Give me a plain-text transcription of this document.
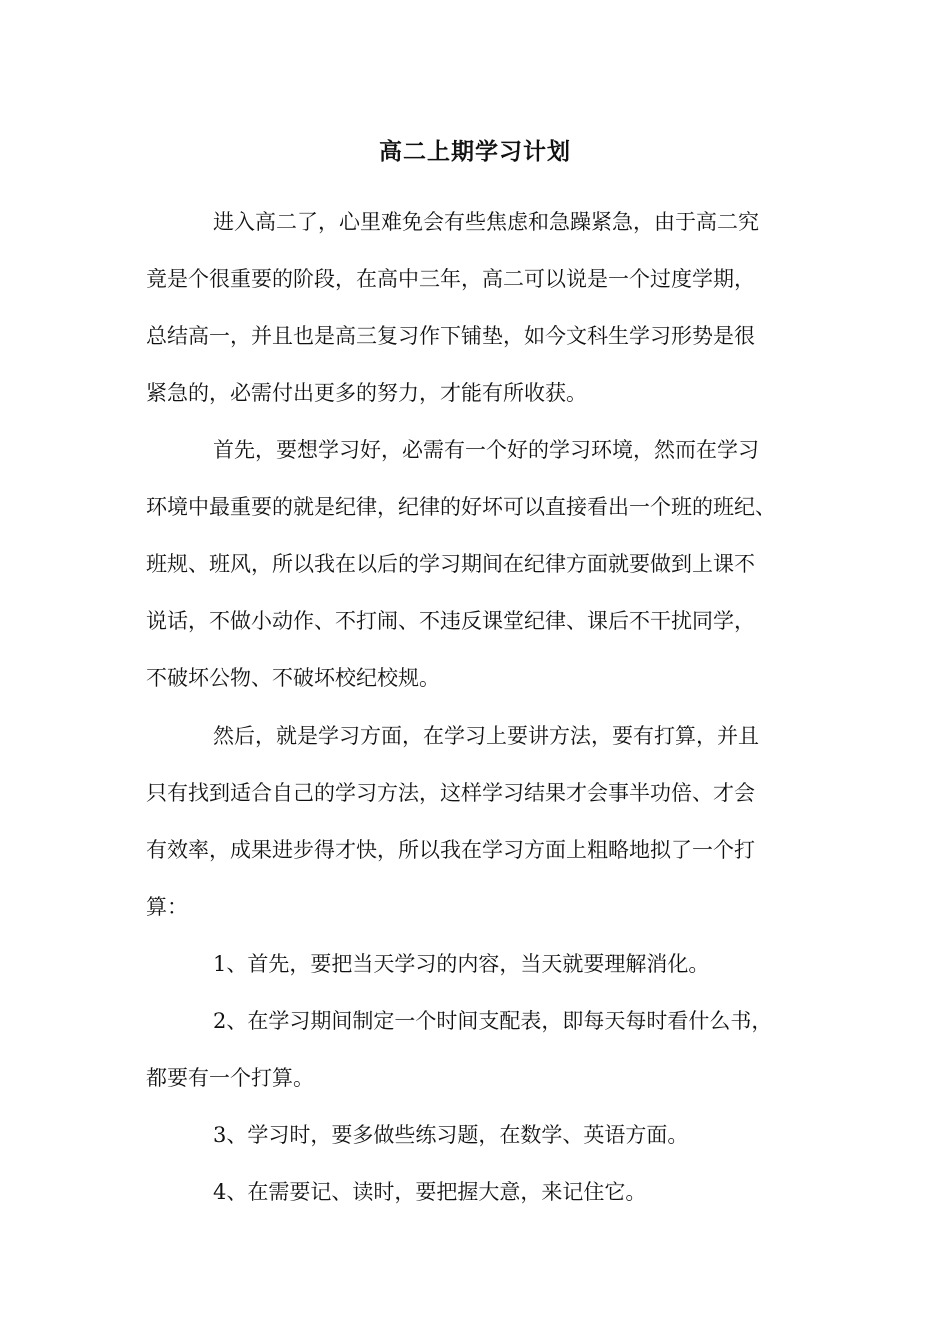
高二上期学习计划
进入高二了，心里难免会有些焦虑和急躁紧急，由于高二究
竟是个很重要的阶段，在高中三年，高二可以说是一个过度学期，
总结高一，并且也是高三复习作下铺垫，如今文科生学习形势是很
紧急的，必需付出更多的努力，才能有所收获。
首先，要想学习好，必需有一个好的学习环境，然而在学习
环境中最重要的就是纪律，纪律的好坏可以直接看出一个班的班纪、
班规、班风，所以我在以后的学习期间在纪律方面就要做到上课不
说话，不做小动作、不打闹、不违反课堂纪律、课后不干扰同学，
不破坏公物、不破坏校纪校规。
然后，就是学习方面，在学习上要讲方法，要有打算，并且
只有找到适合自己的学习方法，这样学习结果才会事半功倍、才会
有效率，成果进步得才快，所以我在学习方面上粗略地拟了一个打
算：
1、首先，要把当天学习的内容，当天就要理解消化。
2、在学习期间制定一个时间支配表，即每天每时看什么书，
都要有一个打算。
3、学习时，要多做些练习题，在数学、英语方面。
4、在需要记、读时，要把握大意，来记住它。
